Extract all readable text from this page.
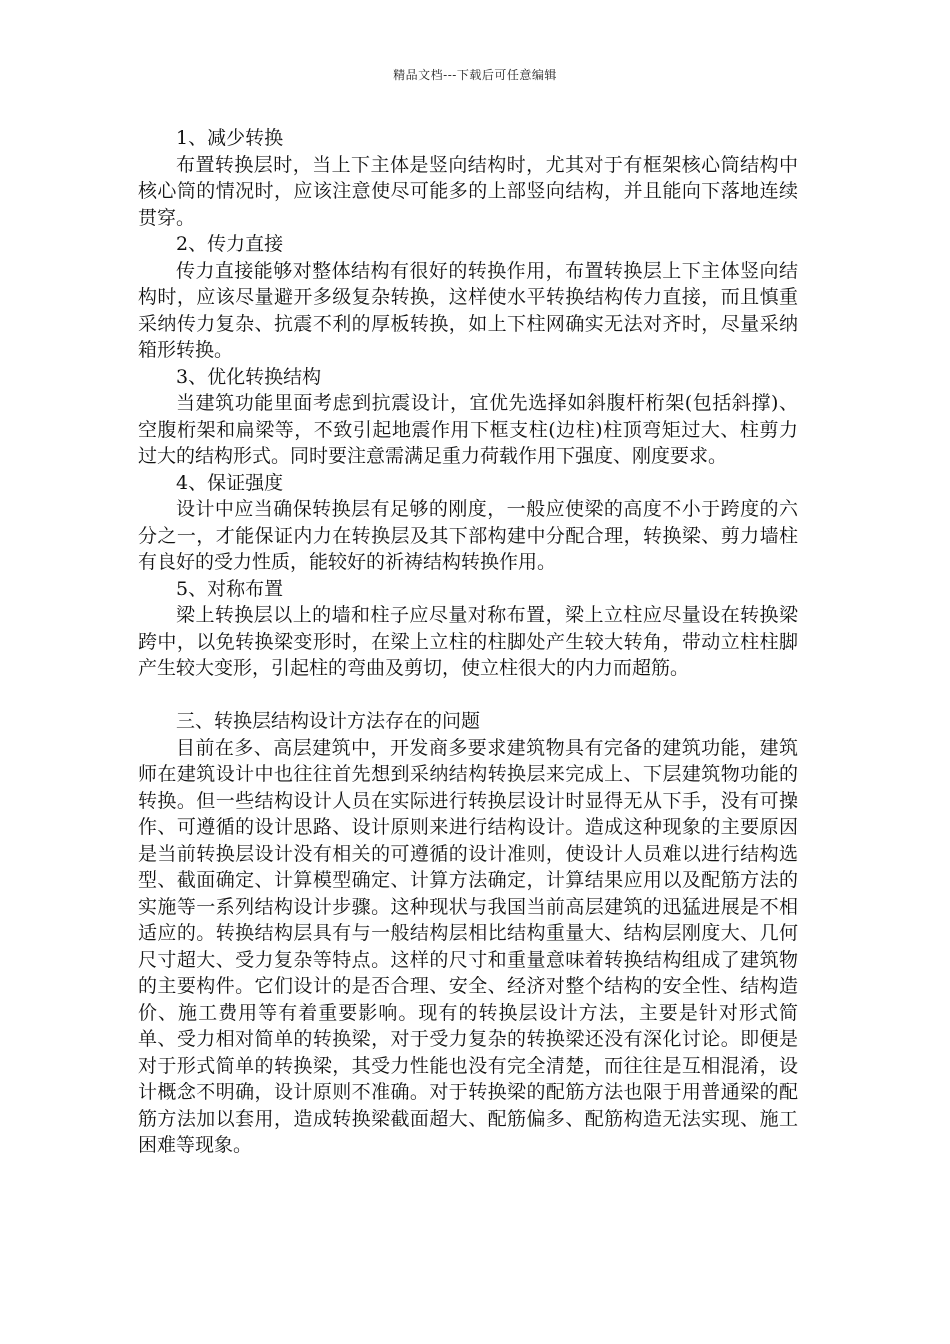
精品文档---下载后可任意编辑

1、减少转换

布置转换层时，当上下主体是竖向结构时，尤其对于有框架核心筒结构中核心筒的情况时，应该注意使尽可能多的上部竖向结构，并且能向下落地连续贯穿。

2、传力直接

传力直接能够对整体结构有很好的转换作用，布置转换层上下主体竖向结构时，应该尽量避开多级复杂转换，这样使水平转换结构传力直接，而且慎重采纳传力复杂、抗震不利的厚板转换，如上下柱网确实无法对齐时，尽量采纳箱形转换。

3、优化转换结构

当建筑功能里面考虑到抗震设计，宜优先选择如斜腹杆桁架(包括斜撑)、空腹桁架和扁梁等，不致引起地震作用下框支柱(边柱)柱顶弯矩过大、柱剪力过大的结构形式。同时要注意需满足重力荷载作用下强度、刚度要求。

4、保证强度

设计中应当确保转换层有足够的刚度，一般应使梁的高度不小于跨度的六分之一，才能保证内力在转换层及其下部构建中分配合理，转换梁、剪力墙柱有良好的受力性质，能较好的祈祷结构转换作用。

5、对称布置

梁上转换层以上的墙和柱子应尽量对称布置，梁上立柱应尽量设在转换梁跨中，以免转换梁变形时，在梁上立柱的柱脚处产生较大转角，带动立柱柱脚产生较大变形，引起柱的弯曲及剪切，使立柱很大的内力而超筋。

三、转换层结构设计方法存在的问题

目前在多、高层建筑中，开发商多要求建筑物具有完备的建筑功能，建筑师在建筑设计中也往往首先想到采纳结构转换层来完成上、下层建筑物功能的转换。但一些结构设计人员在实际进行转换层设计时显得无从下手，没有可操作、可遵循的设计思路、设计原则来进行结构设计。造成这种现象的主要原因是当前转换层设计没有相关的可遵循的设计准则，使设计人员难以进行结构选型、截面确定、计算模型确定、计算方法确定，计算结果应用以及配筋方法的实施等一系列结构设计步骤。这种现状与我国当前高层建筑的迅猛进展是不相适应的。转换结构层具有与一般结构层相比结构重量大、结构层刚度大、几何尺寸超大、受力复杂等特点。这样的尺寸和重量意味着转换结构组成了建筑物的主要构件。它们设计的是否合理、安全、经济对整个结构的安全性、结构造价、施工费用等有着重要影响。现有的转换层设计方法，主要是针对形式简单、受力相对简单的转换梁，对于受力复杂的转换梁还没有深化讨论。即便是对于形式简单的转换梁，其受力性能也没有完全清楚，而往往是互相混淆，设计概念不明确，设计原则不准确。对于转换梁的配筋方法也限于用普通梁的配筋方法加以套用，造成转换梁截面超大、配筋偏多、配筋构造无法实现、施工困难等现象。
